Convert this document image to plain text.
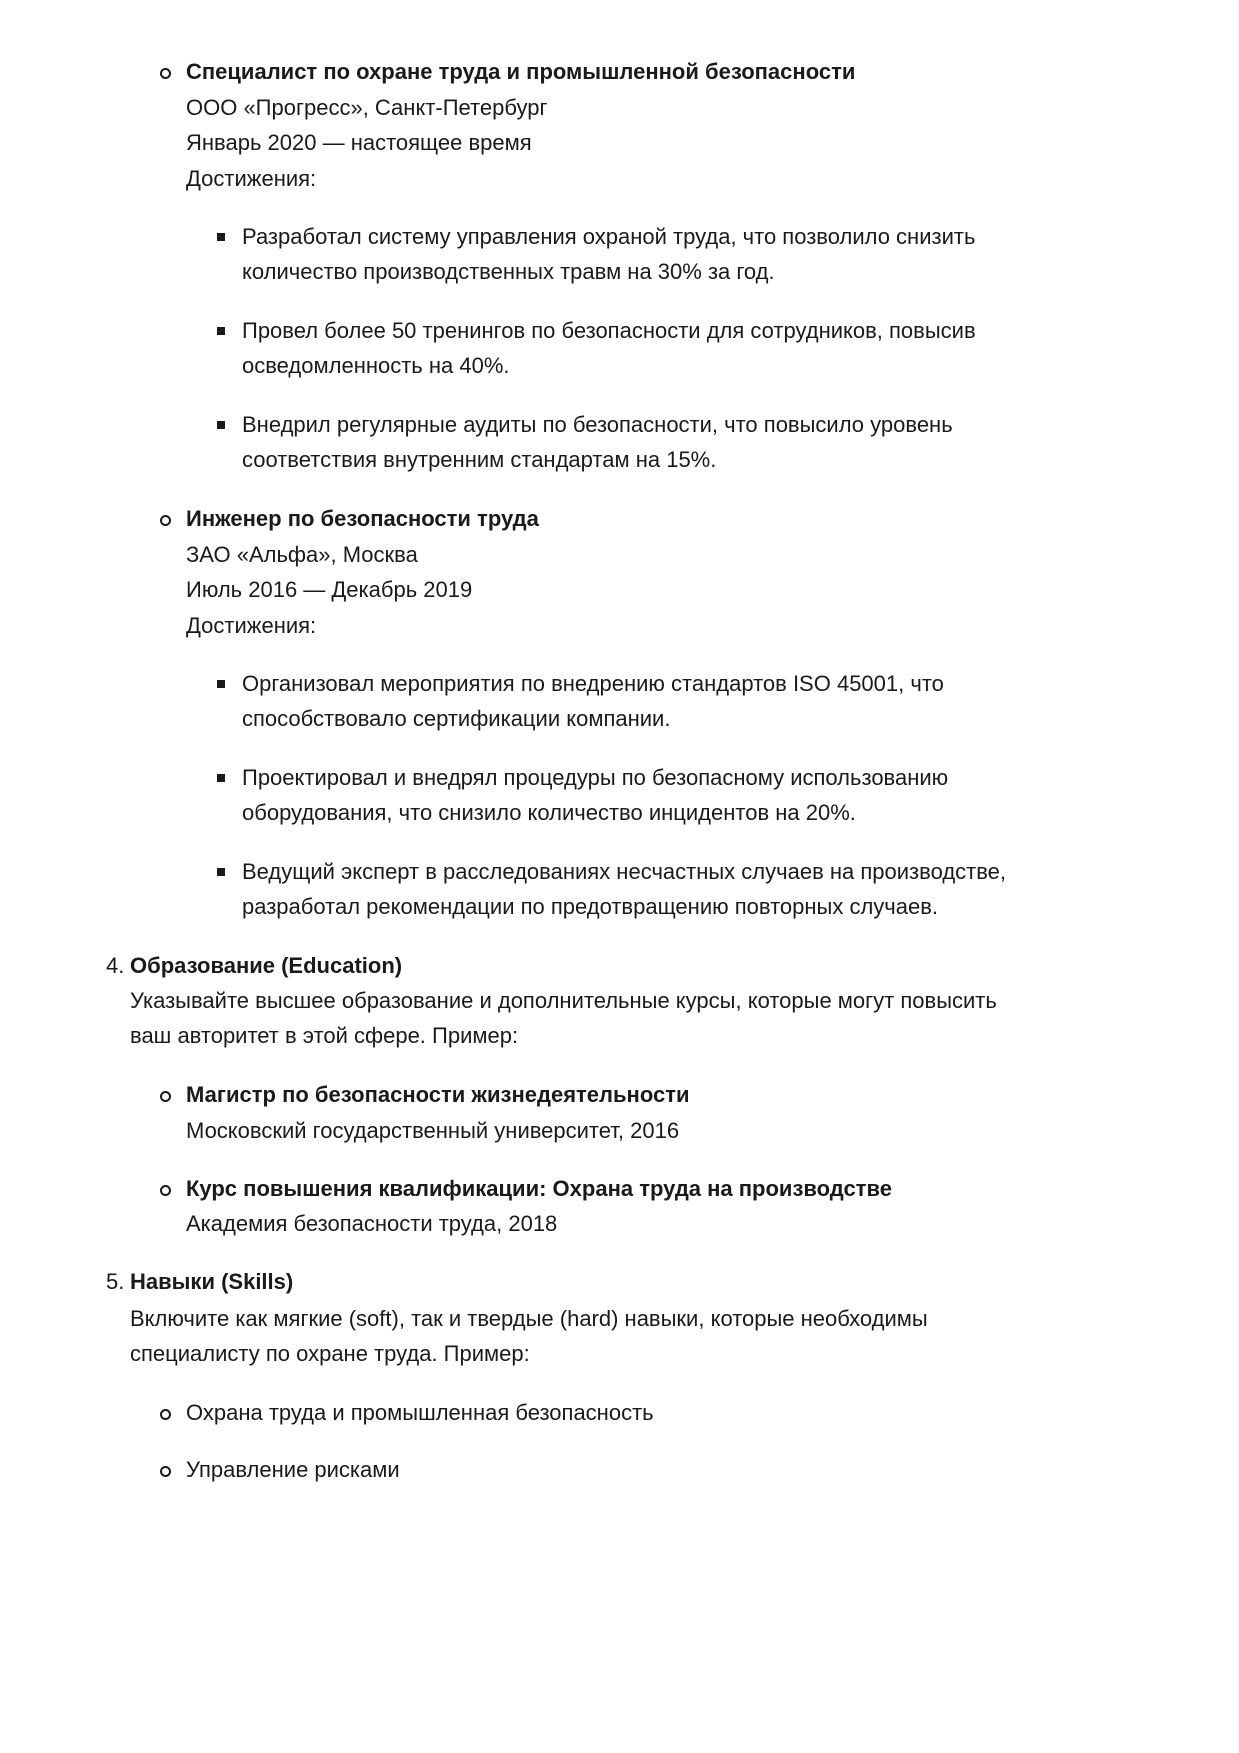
Специалист по охране труда и промышленной безопасности
ООО «Прогресс», Санкт-Петербург
Январь 2020 — настоящее время
Достижения:
Разработал систему управления охраной труда, что позволило снизить
количество производственных травм на 30% за год.
Провел более 50 тренингов по безопасности для сотрудников, повысив
осведомленность на 40%.
Внедрил регулярные аудиты по безопасности, что повысило уровень
соответствия внутренним стандартам на 15%.
Инженер по безопасности труда
ЗАО «Альфа», Москва
Июль 2016 — Декабрь 2019
Достижения:
Организовал мероприятия по внедрению стандартов ISO 45001, что
способствовало сертификации компании.
Проектировал и внедрял процедуры по безопасному использованию
оборудования, что снизило количество инцидентов на 20%.
Ведущий эксперт в расследованиях несчастных случаев на производстве,
разработал рекомендации по предотвращению повторных случаев.
4. Образование (Education)
Указывайте высшее образование и дополнительные курсы, которые могут повысить
ваш авторитет в этой сфере. Пример:
Магистр по безопасности жизнедеятельности
Московский государственный университет, 2016
Курс повышения квалификации: Охрана труда на производстве
Академия безопасности труда, 2018
5. Навыки (Skills)
Включите как мягкие (soft), так и твердые (hard) навыки, которые необходимы
специалисту по охране труда. Пример:
Охрана труда и промышленная безопасность
Управление рисками
